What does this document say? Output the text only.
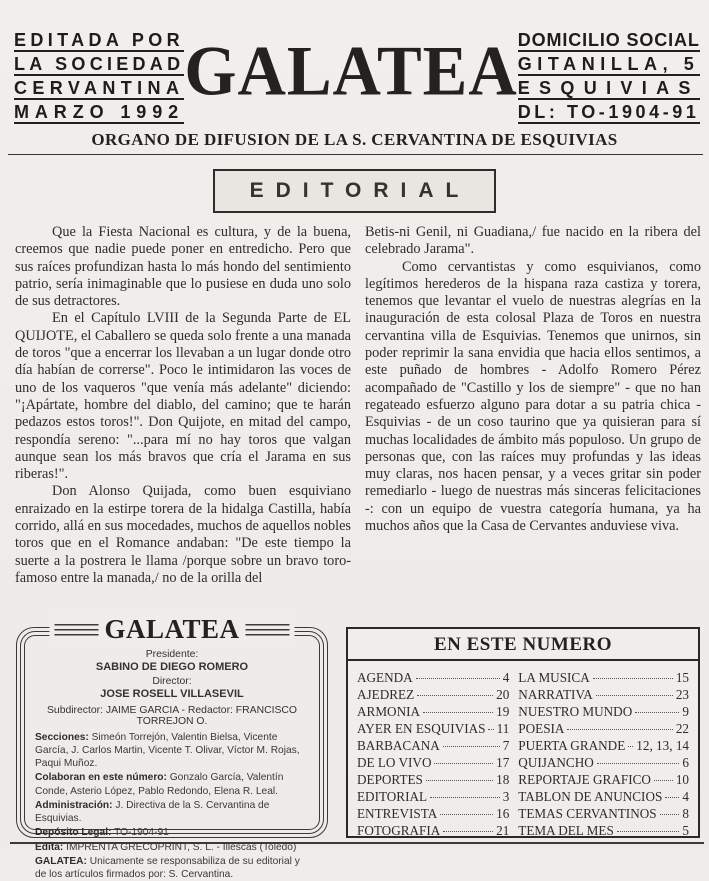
EDITADA POR
LA SOCIEDAD
CERVANTINA
MARZO 1992
GALATEA DOMICILIO SOCIAL
GITANILLA, 5
ESQUIVIAS
DL: TO-1904-91
ORGANO DE DIFUSION DE LA S. CERVANTINA DE ESQUIVIAS
EDITORIAL
Que la Fiesta Nacional es cultura, y de la buena, creemos que nadie puede poner en entredicho. Pero que sus raíces profundizan hasta lo más hondo del sentimiento patrio, sería inimaginable que lo pusiese en duda uno solo de sus detractores.
En el Capítulo LVIII de la Segunda Parte de EL QUIJOTE, el Caballero se queda solo frente a una manada de toros "que a encerrar los llevaban a un lugar donde otro día habían de correrse". Poco le intimidaron las voces de uno de los vaqueros "que venía más adelante" diciendo: "¡Apártate, hombre del diablo, del camino; que te harán pedazos estos toros!". Don Quijote, en mitad del campo, respondía sereno: "...para mí no hay toros que valgan aunque sean los más bravos que cría el Jarama en sus riberas!".
Don Alonso Quijada, como buen esquiviano enraizado en la estirpe torera de la hidalga Castilla, había corrido, allá en sus mocedades, muchos de aquellos nobles toros que en el Romance andaban: "De este tiempo la suerte a la postrera le llama /porque sobre un bravo toro-famoso entre la manada,/ no de la orilla del
Betis-ni Genil, ni Guadiana,/ fue nacido en la ribera del celebrado Jarama".
Como cervantistas y como esquivianos, como legítimos herederos de la hispana raza castiza y torera, tenemos que levantar el vuelo de nuestras alegrías en la inauguración de esta colosal Plaza de Toros en nuestra cervantina villa de Esquivias. Tenemos que unirnos, sin poder reprimir la sana envidia que hacia ellos sentimos, a este puñado de hombres - Adolfo Romero Pérez acompañado de "Castillo y los de siempre" - que no han regateado esfuerzo alguno para dotar a su patria chica - Esquivias - de un coso taurino que ya quisieran para sí muchas localidades de ámbito más populoso. Un grupo de personas que, con las raíces muy profundas y las ideas muy claras, nos hacen pensar, y a veces gritar sin poder remediarlo - luego de nuestras más sinceras felicitaciones -: con un equipo de vuestra categoría humana, ya ha muchos años que la Casa de Cervantes anduviese viva.
GALATEA
Presidente:
SABINO DE DIEGO ROMERO
Director:
JOSE ROSELL VILLASEVIL
Subdirector: JAIME GARCIA - Redactor: FRANCISCO TORREJON O.
Secciones: Simeón Torrejón, Valentin Bielsa, Vicente García, J. Carlos Martin, Vicente T. Olivar, Víctor M. Rojas, Paqui Muñoz.
Colaboran en este número: Gonzalo García, Valentín Conde, Asterio López, Pablo Redondo, Elena R. Leal.
Administración: J. Directiva de la S. Cervantina de Esquivias.
Depósito Legal: TO-1904-91
Edita: IMPRENTA GRECOPRINT, S. L. - Illescas (Toledo)
GALATEA: Unicamente se responsabiliza de su editorial y de los artículos firmados por: S. Cervantina.
EN ESTE NUMERO
AGENDA	4
AJEDREZ	20
ARMONIA	19
AYER EN ESQUIVIAS 11
BARBACANA	7
DE LO VIVO	17
DEPORTES	18
EDITORIAL	3
ENTREVISTA	16
FOTOGRAFIA	21
LA MUSICA	15
NARRATIVA	23
NUESTRO MUNDO	9
POESIA	22
PUERTA GRANDE 12, 13, 14
QUIJANCHO	6
REPORTAJE GRAFICO 10
TABLON DE ANUNCIOS 4
TEMAS CERVANTINOS 8
TEMA DEL MES	5
